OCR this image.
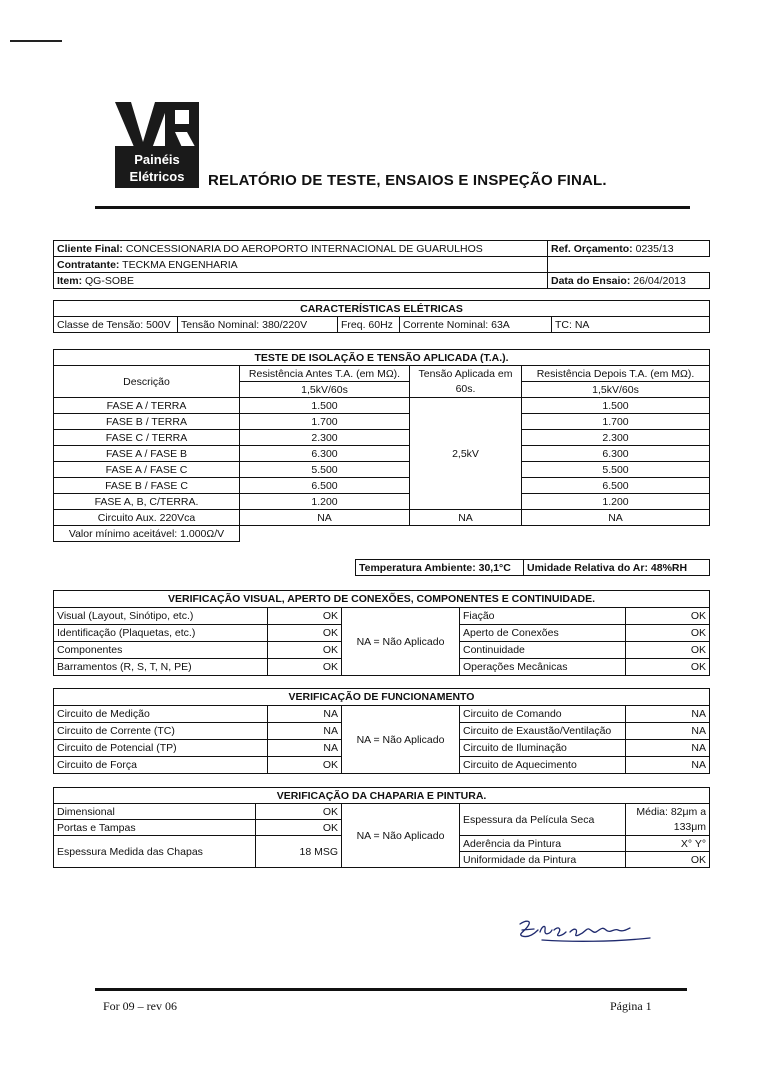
Painéis
Elétricos RELATÓRIO DE TESTE, ENSAIOS E INSPEÇÃO FINAL.
Cliente Final: CONCESSIONARIA DO AEROPORTO INTERNACIONAL DE GUARULHOS	Ref. Orçamento: 0235/13
Contratante: TECKMA ENGENHARIA	
Item: QG-SOBE	Data do Ensaio: 26/04/2013
CARACTERÍSTICAS ELÉTRICAS
Classe de Tensão: 500V	Tensão Nominal: 380/220V	Freq. 60Hz	Corrente Nominal: 63A	TC: NA
TESTE DE ISOLAÇÃO E TENSÃO APLICADA (T.A.).			
Descrição	Resistência Antes T.A. (em MΩ).	Tensão Aplicada em	Resistência Depois T.A. (em MΩ).
	1,5kV/60s	60s.	1,5kV/60s
FASE A / TERRA	1.500	2,5kV	1.500
FASE B / TERRA	1.700		1.700
FASE C / TERRA	2.300		2.300
FASE A / FASE B	6.300		6.300
FASE A / FASE C	5.500		5.500
FASE B / FASE C	6.500		6.500
FASE A, B, C/TERRA.	1.200		1.200
Circuito Aux. 220Vca	NA	NA	NA
Valor mínimo aceitável: 1.000Ω/V			
Temperatura Ambiente: 30,1°C	Umidade Relativa do Ar: 48%RH
VERIFICAÇÃO VISUAL, APERTO DE CONEXÕES, COMPONENTES E CONTINUIDADE.				
Visual (Layout, Sinótipo, etc.)	OK	NA = Não Aplicado	Fiação	OK
Identificação (Plaquetas, etc.)	OK		Aperto de Conexões	OK
Componentes	OK		Continuidade	OK
Barramentos (R, S, T, N, PE)	OK		Operações Mecânicas	OK
VERIFICAÇÃO DE FUNCIONAMENTO				
Circuito de Medição	NA	NA = Não Aplicado	Circuito de Comando	NA
Circuito de Corrente (TC)	NA		Circuito de Exaustão/Ventilação	NA
Circuito de Potencial (TP)	NA		Circuito de Iluminação	NA
Circuito de Força	OK		Circuito de Aquecimento	NA
VERIFICAÇÃO DA CHAPARIA E PINTURA.				
Dimensional	OK	NA = Não Aplicado	Espessura da Película Seca	Média: 82μm a
Portas e Tampas	OK			133μm
Espessura Medida das Chapas	18 MSG		Aderência da Pintura	X° Y°
			Uniformidade da Pintura	OK
For 09 – rev 06	Página 1
